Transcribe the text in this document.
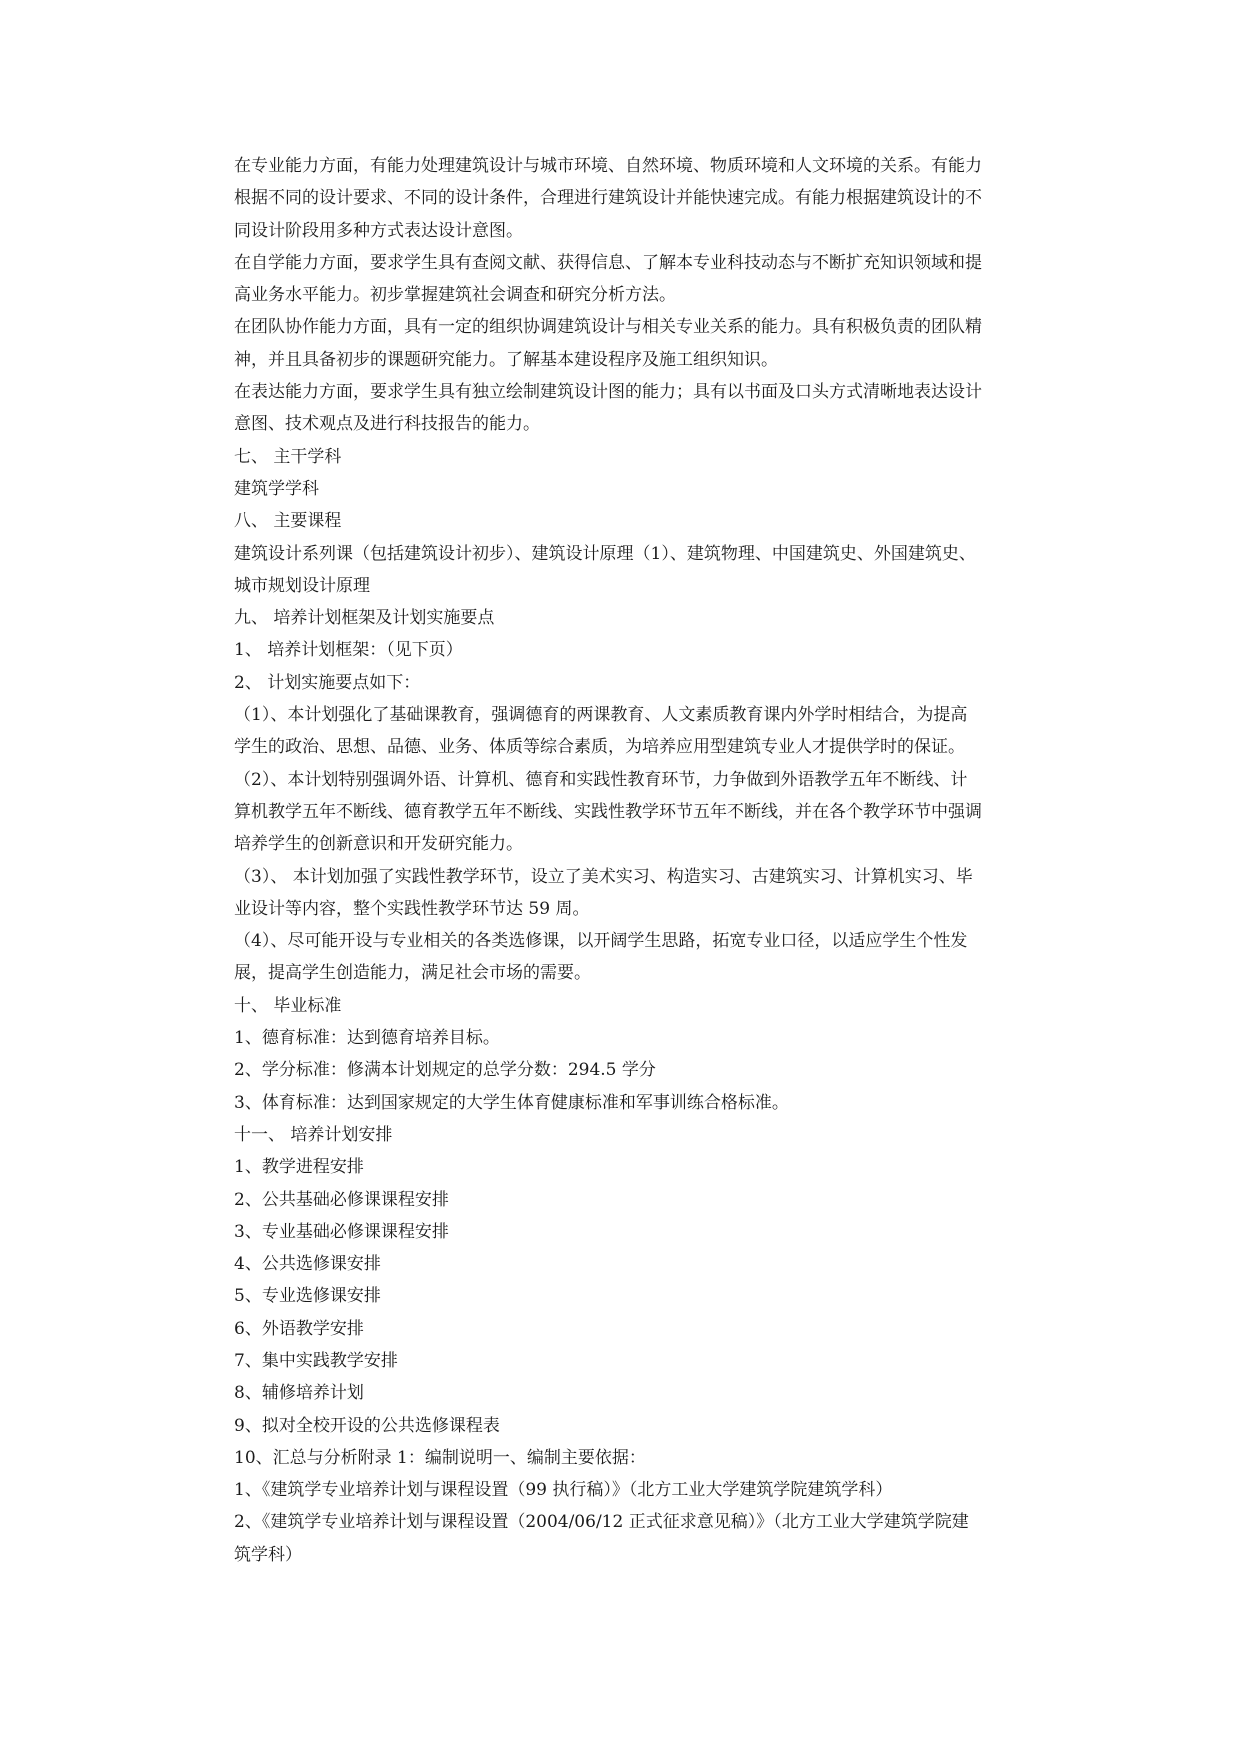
在专业能力方面，有能力处理建筑设计与城市环境、自然环境、物质环境和人文环境的关系。有能力
根据不同的设计要求、不同的设计条件，合理进行建筑设计并能快速完成。有能力根据建筑设计的不
同设计阶段用多种方式表达设计意图。
在自学能力方面，要求学生具有查阅文献、获得信息、了解本专业科技动态与不断扩充知识领域和提
高业务水平能力。初步掌握建筑社会调查和研究分析方法。
在团队协作能力方面，具有一定的组织协调建筑设计与相关专业关系的能力。具有积极负责的团队精
神，并且具备初步的课题研究能力。了解基本建设程序及施工组织知识。
在表达能力方面，要求学生具有独立绘制建筑设计图的能力；具有以书面及口头方式清晰地表达设计
意图、技术观点及进行科技报告的能力。
七、 主干学科
建筑学学科
八、 主要课程
建筑设计系列课（包括建筑设计初步）、建筑设计原理（1）、建筑物理、中国建筑史、外国建筑史、
城市规划设计原理
九、 培养计划框架及计划实施要点
1、 培养计划框架：（见下页）
2、 计划实施要点如下：
（1）、本计划强化了基础课教育，强调德育的两课教育、人文素质教育课内外学时相结合，为提高
学生的政治、思想、品德、业务、体质等综合素质，为培养应用型建筑专业人才提供学时的保证。
（2）、本计划特别强调外语、计算机、德育和实践性教育环节，力争做到外语教学五年不断线、计
算机教学五年不断线、德育教学五年不断线、实践性教学环节五年不断线，并在各个教学环节中强调
培养学生的创新意识和开发研究能力。
（3）、 本计划加强了实践性教学环节，设立了美术实习、构造实习、古建筑实习、计算机实习、毕
业设计等内容，整个实践性教学环节达 59 周。
（4）、尽可能开设与专业相关的各类选修课，以开阔学生思路，拓宽专业口径，以适应学生个性发
展，提高学生创造能力，满足社会市场的需要。
十、 毕业标准
1、德育标准：达到德育培养目标。
2、学分标准：修满本计划规定的总学分数：294.5 学分
3、体育标准：达到国家规定的大学生体育健康标准和军事训练合格标准。
十一、 培养计划安排
1、教学进程安排
2、公共基础必修课课程安排
3、专业基础必修课课程安排
4、公共选修课安排
5、专业选修课安排
6、外语教学安排
7、集中实践教学安排
8、辅修培养计划
9、拟对全校开设的公共选修课程表
10、汇总与分析附录 1：编制说明一、编制主要依据：
1、《建筑学专业培养计划与课程设置（99 执行稿）》（北方工业大学建筑学院建筑学科）
2、《建筑学专业培养计划与课程设置（2004/06/12 正式征求意见稿）》（北方工业大学建筑学院建
筑学科）
